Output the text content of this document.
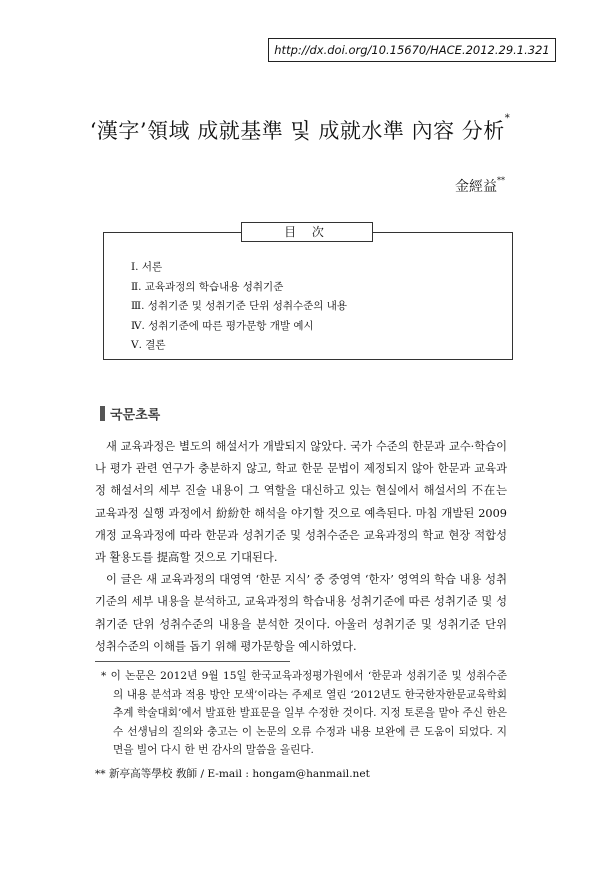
http://dx.doi.org/10.15670/HACE.2012.29.1.321
‘漢字’領域 成就基準 및 成就水準 內容 分析*
金經益**
目 次
Ⅰ. 서론
Ⅱ. 교육과정의 학습내용 성취기준
Ⅲ. 성취기준 및 성취기준 단위 성취수준의 내용
Ⅳ. 성취기준에 따른 평가문항 개발 예시
Ⅴ. 결론
국문초록

새 교육과정은 별도의 해설서가 개발되지 않았다. 국가 수준의 한문과 교수·학습이나 평가 관련 연구가 충분하지 않고, 학교 한문 문법이 제정되지 않아 한문과 교육과정 해설서의 세부 진술 내용이 그 역할을 대신하고 있는 현실에서 해설서의 不在는 교육과정 실행 과정에서 紛紛한 해석을 야기할 것으로 예측된다. 마침 개발된 2009 개정 교육과정에 따라 한문과 성취기준 및 성취수준은 교육과정의 학교 현장 적합성과 활용도를 提高할 것으로 기대된다.

이 글은 새 교육과정의 대영역 ‘한문 지식’ 중 중영역 ‘한자’ 영역의 학습 내용 성취기준의 세부 내용을 분석하고, 교육과정의 학습내용 성취기준에 따른 성취기준 및 성취기준 단위 성취수준의 내용을 분석한 것이다. 아울러 성취기준 및 성취기준 단위 성취수준의 이해를 돕기 위해 평가문항을 예시하였다.

* 이 논문은 2012년 9월 15일 한국교육과정평가원에서 ‘한문과 성취기준 및 성취수준의 내용 분석과 적용 방안 모색’이라는 주제로 열린 ‘2012년도 한국한자한문교육학회 추계 학술대회’에서 발표한 발표문을 일부 수정한 것이다. 지정 토론을 맡아 주신 한은수 선생님의 질의와 충고는 이 논문의 오류 수정과 내용 보완에 큰 도움이 되었다. 지면을 빌어 다시 한 번 감사의 말씀을 올린다.
** 新亭高等學校 敎師 / E-mail : hongam@hanmail.net
